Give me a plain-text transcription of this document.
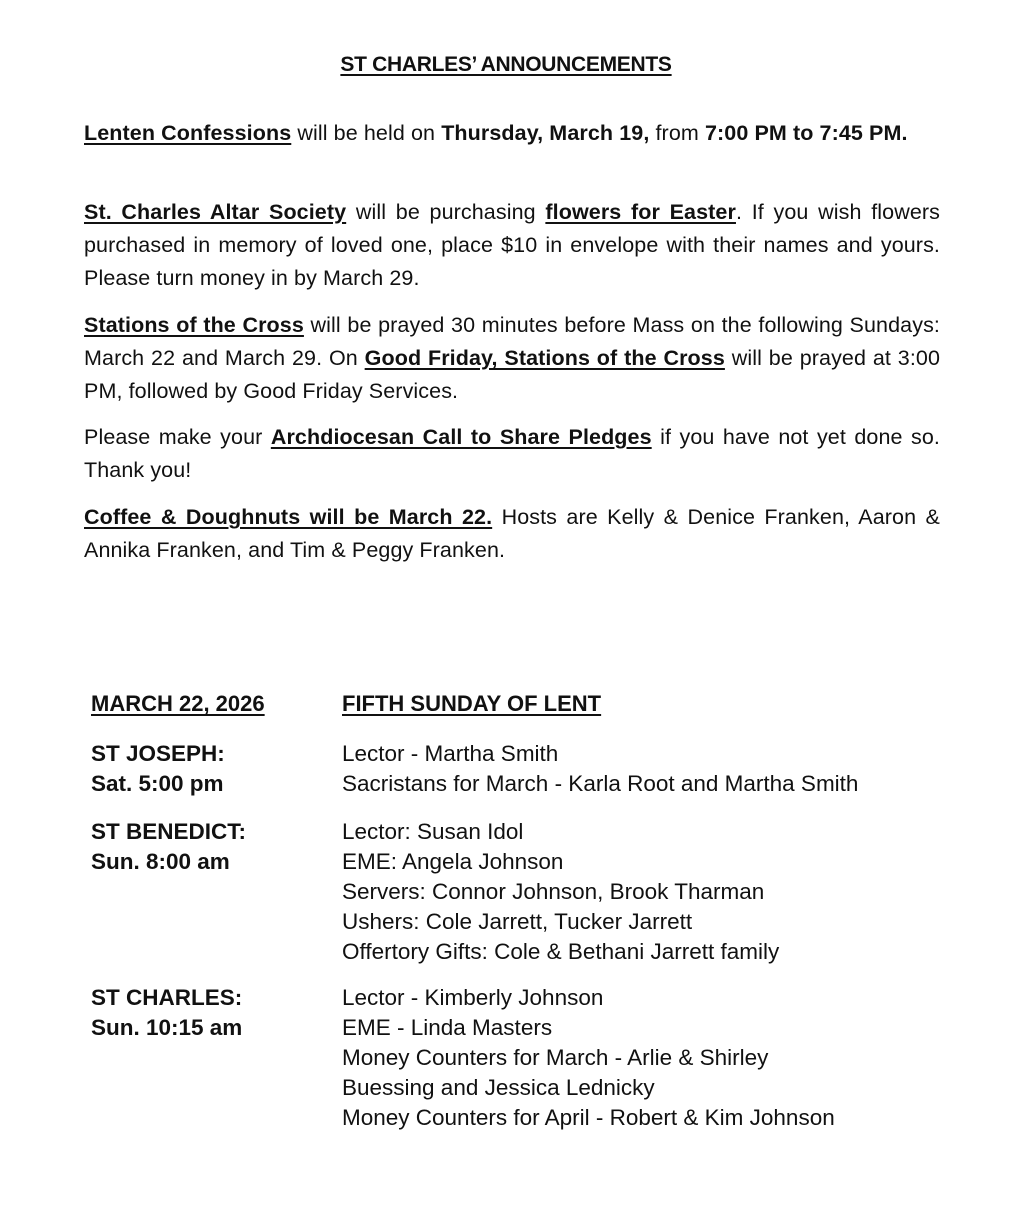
ST CHARLES’ ANNOUNCEMENTS
Lenten Confessions will be held on Thursday, March 19, from 7:00 PM to 7:45 PM.
St. Charles Altar Society will be purchasing flowers for Easter. If you wish flowers purchased in memory of loved one, place $10 in envelope with their names and yours. Please turn money in by March 29.
Stations of the Cross will be prayed 30 minutes before Mass on the following Sundays: March 22 and March 29. On Good Friday, Stations of the Cross will be prayed at 3:00 PM, followed by Good Friday Services.
Please make your Archdiocesan Call to Share Pledges if you have not yet done so. Thank you!
Coffee & Doughnuts will be March 22. Hosts are Kelly & Denice Franken, Aaron & Annika Franken, and Tim & Peggy Franken.
MARCH 22, 2026	FIFTH SUNDAY OF LENT
ST JOSEPH:
Sat. 5:00 pm
Lector - Martha Smith
Sacristans for March - Karla Root and Martha Smith
ST BENEDICT:
Sun. 8:00 am
Lector: Susan Idol
EME: Angela Johnson
Servers: Connor Johnson, Brook Tharman
Ushers: Cole Jarrett, Tucker Jarrett
Offertory Gifts: Cole & Bethani Jarrett family
ST CHARLES:
Sun. 10:15 am
Lector - Kimberly Johnson
EME - Linda Masters
Money Counters for March - Arlie & Shirley
Buessing and Jessica Lednicky
Money Counters for April - Robert & Kim Johnson
